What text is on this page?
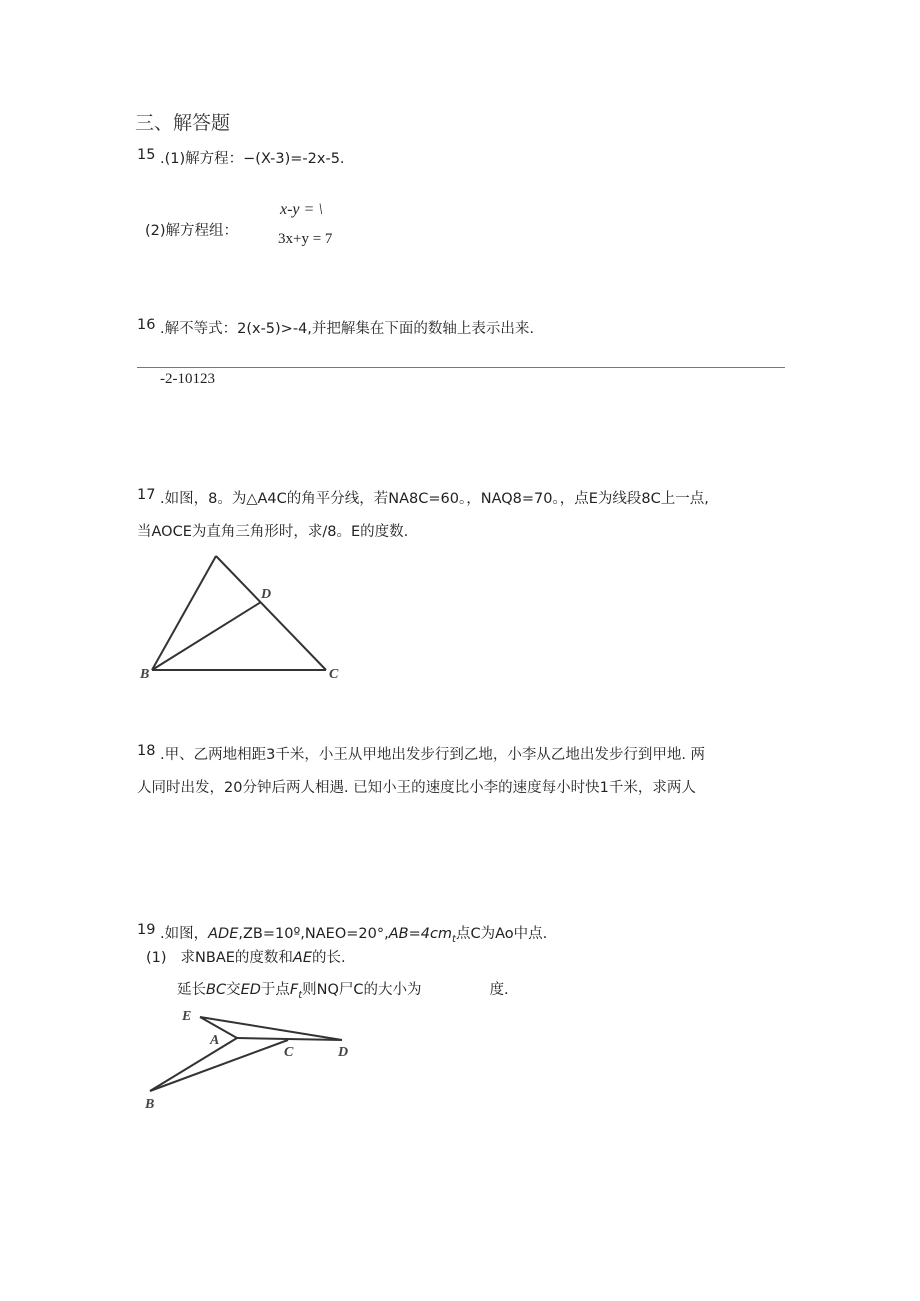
三、解答题
15 .(1)解方程：−(X-3)=-2x-5.
(2)解方程组：
x-y = \
3x+y = 7
16 .解不等式：2(x-5)>-4,并把解集在下面的数轴上表示出来.
-2-10123
17 .如图，8。为△A4C的角平分线，若NA8C=60。，NAQ8=70。，点E为线段8C上一点,
当AOCE为直角三角形时，求/8。E的度数.
B	C
D
18 .甲、乙两地相距3千米，小王从甲地出发步行到乙地，小李从乙地出发步行到甲地. 两
人同时出发，20分钟后两人相遇. 已知小王的速度比小李的速度每小时快1千米，求两人
19 .如图，$ADE,ZB=10º,NAEO=20^\circ,AB=4cm_t$点C为Ao中点.
(1) 求NBAE的度数和AE的长.
延长BC交ED于点$F_t$则NQ尸C的大小为	度.
E
A
C	D
B
